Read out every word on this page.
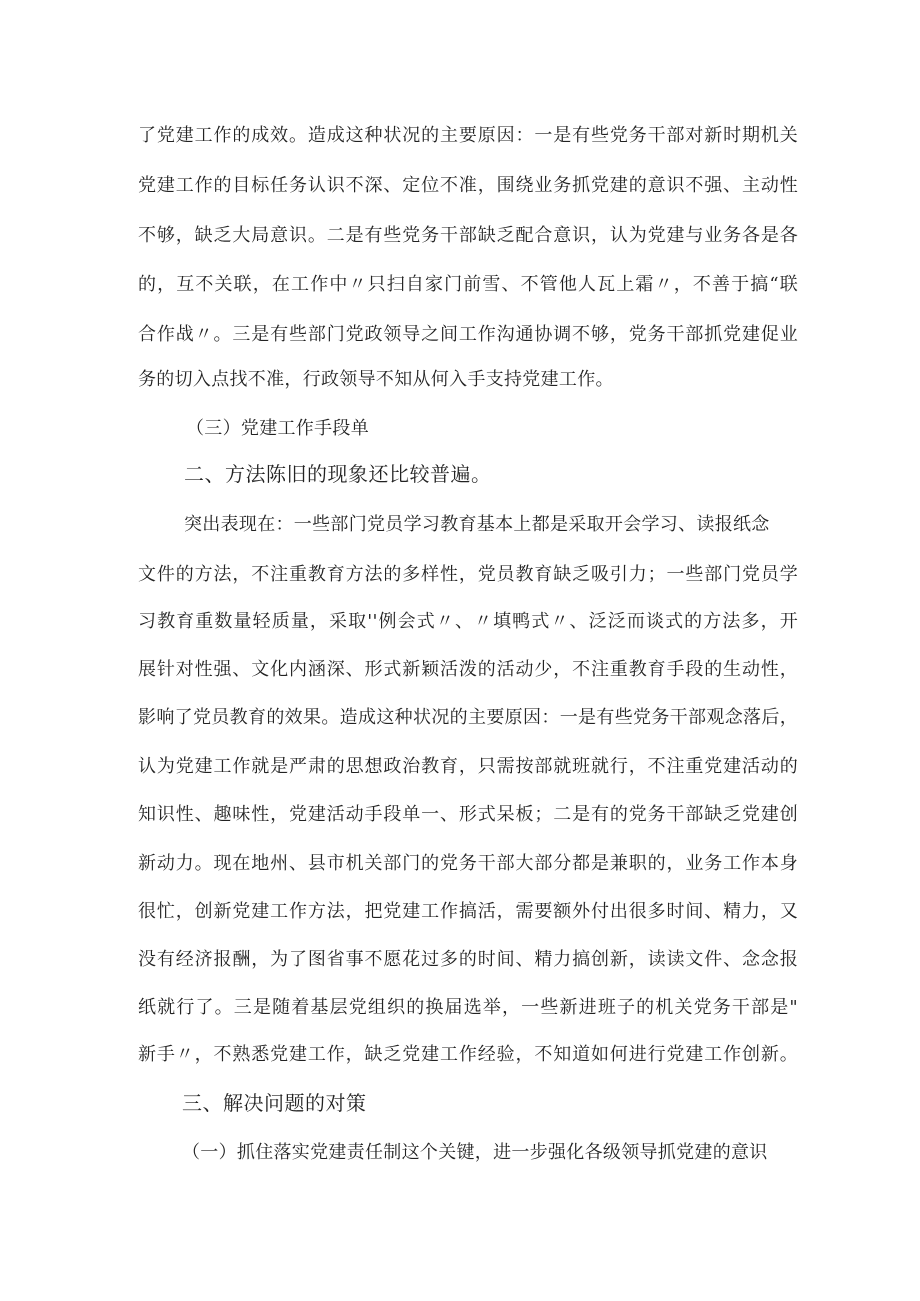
了党建工作的成效。造成这种状况的主要原因：一是有些党务干部对新时期机关
党建工作的目标任务认识不深、定位不准，围绕业务抓党建的意识不强、主动性
不够，缺乏大局意识。二是有些党务干部缺乏配合意识，认为党建与业务各是各
的，互不关联，在工作中〃只扫自家门前雪、不管他人瓦上霜〃，不善于搞“联
合作战〃。三是有些部门党政领导之间工作沟通协调不够，党务干部抓党建促业
务的切入点找不准，行政领导不知从何入手支持党建工作。
（三）党建工作手段单
二、方法陈旧的现象还比较普遍。
突出表现在：一些部门党员学习教育基本上都是采取开会学习、读报纸念
文件的方法，不注重教育方法的多样性，党员教育缺乏吸引力；一些部门党员学
习教育重数量轻质量，采取''例会式〃、〃填鸭式〃、泛泛而谈式的方法多，开
展针对性强、文化内涵深、形式新颖活泼的活动少，不注重教育手段的生动性，
影响了党员教育的效果。造成这种状况的主要原因：一是有些党务干部观念落后，
认为党建工作就是严肃的思想政治教育，只需按部就班就行，不注重党建活动的
知识性、趣味性，党建活动手段单一、形式呆板；二是有的党务干部缺乏党建创
新动力。现在地州、县市机关部门的党务干部大部分都是兼职的，业务工作本身
很忙，创新党建工作方法，把党建工作搞活，需要额外付出很多时间、精力，又
没有经济报酬，为了图省事不愿花过多的时间、精力搞创新，读读文件、念念报
纸就行了。三是随着基层党组织的换届选举，一些新进班子的机关党务干部是"
新手〃，不熟悉党建工作，缺乏党建工作经验，不知道如何进行党建工作创新。
三、解决问题的对策
（一）抓住落实党建责任制这个关键，进一步强化各级领导抓党建的意识
